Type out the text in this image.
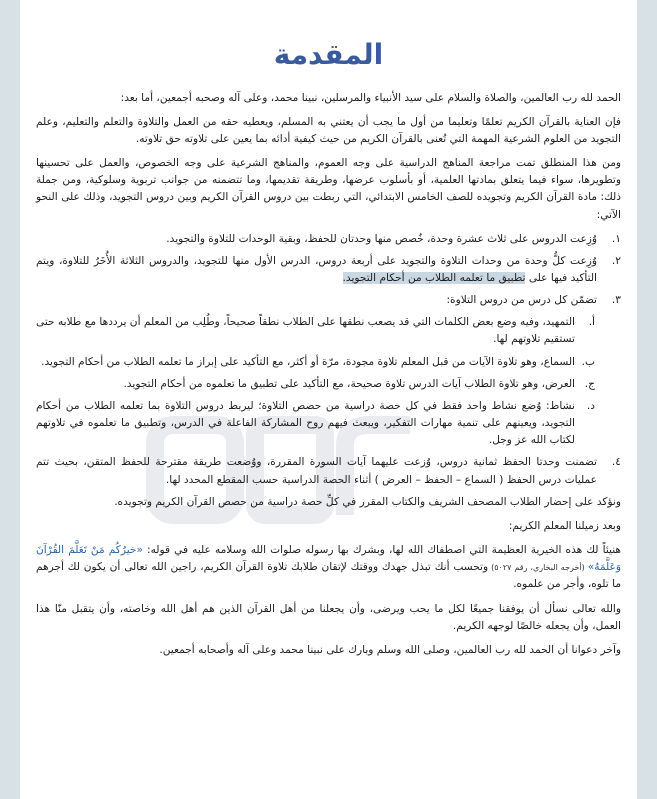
المقدمة

الحمد لله رب العالمين، والصلاة والسلام على سيد الأنبياء والمرسلين، نبينا محمد، وعلى آله وصحبه أجمعين، أما بعد:

فإن العناية بالقرآن الكريم تعلمًا وتعليما من أول ما يجب أن يعتني به المسلم، ويعطيه حقه من العمل والتلاوة والتعلم والتعليم، وعلم التجويد من العلوم الشرعية المهمة التي تُعنى بالقرآن الكريم من حيث كيفية أدائه بما يعين على تلاوته حق تلاوته.

ومن هذا المنطلق تمت مراجعة المناهج الدراسية على وجه العموم، والمناهج الشرعية على وجه الخصوص، والعمل على تحسينها وتطويرها، سواء فيما يتعلق بمادتها العلمية، أو بأسلوب عرضها، وطريقة تقديمها، وما تتضمنه من جوانب تربوية وسلوكية، ومن جملة ذلك: مادة القرآن الكريم وتجويده للصف الخامس الابتدائي، التي ربطت بين دروس القرآن الكريم وبين دروس التجويد، وذلك على النحو الآتي:

١.
وُزِعت الدروس على ثلاث عشرة وحدة، خُصص منها وحدتان للحفظ، وبقية الوحدات للتلاوة والتجويد.
٢.
وُزِعت كلُّ وحدة من وحدات التلاوة والتجويد على أربعة دروس، الدرس الأول منها للتجويد، والدروس الثلاثة الأُخَرُ للتلاوة، ويتم التأكيد فيها على تطبيق ما تعلمه الطلاب من أحكام التجويد.
٣.
تضمّن كل درس من دروس التلاوة:
أ.
التمهيد، وفيه وضع بعض الكلمات التي قد يصعب نطقها على الطلاب نطقاً صحيحاً، وطُلِب من المعلم أن يرددها مع طلابه حتى تستقيم تلاوتهم لها.
ب.
السماع، وهو تلاوة الآيات من قبل المعلم تلاوة مجودة، مرّة أو أكثر، مع التأكيد على إبراز ما تعلمه الطلاب من أحكام التجويد.
ج.
العرض، وهو تلاوة الطلاب آيات الدرس تلاوة صحيحة، مع التأكيد على تطبيق ما تعلموه من أحكام التجويد.
د.
نشاط: وُضع نشاط واحد فقط في كل حصة دراسية من حصص التلاوة؛ ليربط دروس التلاوة بما تعلمه الطلاب من أحكام التجويد، ويعينهم على تنمية مهارات التفكير، ويبعث فيهم روح المشاركة الفاعلة في الدرس، وتطبيق ما تعلموه في تلاوتهم لكتاب الله عز وجل.
٤.
تضمنت وحدتا الحفظ ثمانية دروس، وُزعت عليهما آيات السورة المقررة، ووُضعت طريقة مقترحة للحفظ المتقن، بحيث تتم عمليات درس الحفظ ( السماع – الحفظ – العرض ) أثناء الحصة الدراسية حسب المقطع المحدد لها.

ونؤكد على إحضار الطلاب المصحف الشريف والكتاب المقرر في كلِّ حصة دراسية من حصص القرآن الكريم وتجويده.

وبعد زميلنا المعلم الكريم:

هنيئاً لك هذه الخيرية العظيمة التي اصطفاك الله لها، وبشرك بها رسوله صلوات الله وسلامه عليه في قوله: «خيرُكُم مَنْ تَعَلَّمَ القُرْآنَ وَعَلَّمَهُ» (أخرجه البخاري، رقم ٥٠٢٧) وتحسب أنك تبذل جهدك ووقتك لإتقان طلابك تلاوة القرآن الكريم، راجين الله تعالى أن يكون لك أجرهم ما تلوه، وأجر من علموه.

والله تعالى نسأل أن يوفقنا جميعًا لكل ما يحب ويرضى، وأن يجعلنا من أهل القرآن الذين هم أهل الله وخاصته، وأن يتقبل منّا هذا العمل، وأن يجعله خالصًا لوجهه الكريم.

وآخر دعوانا أن الحمد لله رب العالمين، وصلى الله وسلم وبارك على نبينا محمد وعلى آله وأصحابه أجمعين.
